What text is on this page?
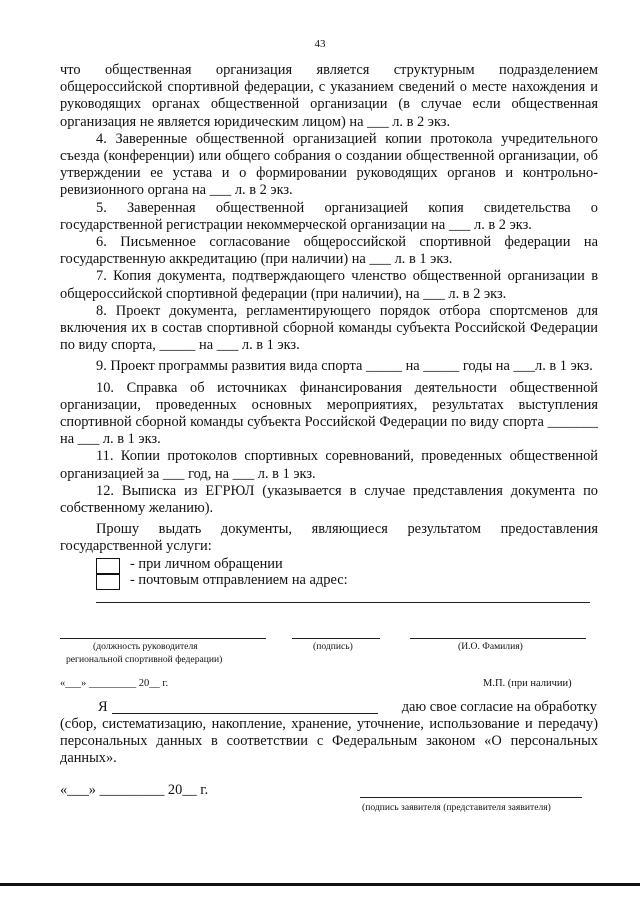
43

что общественная организация является структурным подразделением общероссийской спортивной федерации, с указанием сведений о месте нахождения и руководящих органах общественной организации (в случае если общественная организация не является юридическим лицом) на ___ л. в 2 экз.

4. Заверенные общественной организацией копии протокола учредительного съезда (конференции) или общего собрания о создании общественной организации, об утверждении ее устава и о формировании руководящих органов и контрольно-ревизионного органа на ___ л. в 2 экз.

5. Заверенная общественной организацией копия свидетельства о государственной регистрации некоммерческой организации на ___ л. в 2 экз.

6. Письменное согласование общероссийской спортивной федерации на государственную аккредитацию (при наличии) на ___ л. в 1 экз.

7. Копия документа, подтверждающего членство общественной организации в общероссийской спортивной федерации (при наличии), на ___ л. в 2 экз.

8. Проект документа, регламентирующего порядок отбора спортсменов для включения их в состав спортивной сборной команды субъекта Российской Федерации по виду спорта, _____ на ___ л. в 1 экз.

9. Проект программы развития вида спорта _____ на _____ годы на ___л. в 1 экз.

10. Справка об источниках финансирования деятельности общественной организации, проведенных основных мероприятиях, результатах выступления спортивной сборной команды субъекта Российской Федерации по виду спорта _______ на ___ л. в 1 экз.

11. Копии протоколов спортивных соревнований, проведенных общественной организацией за ___ год, на ___ л. в 1 экз.

12. Выписка из ЕГРЮЛ (указывается в случае представления документа по собственному желанию).

Прошу выдать документы, являющиеся результатом предоставления государственной услуги:

- при личном обращении
- почтовым отправлением на адрес:
(должность руководителя
региональной спортивной федерации)
(подпись)	(И.О. Фамилия)
«___» _________ 20__ г.	М.П. (при наличии)
Я	даю свое согласие на обработку

(сбор, систематизацию, накопление, хранение, уточнение, использование и передачу) персональных данных в соответствии с Федеральным законом «О персональных данных».

«___» _________ 20__ г.
(подпись заявителя (представителя заявителя)
